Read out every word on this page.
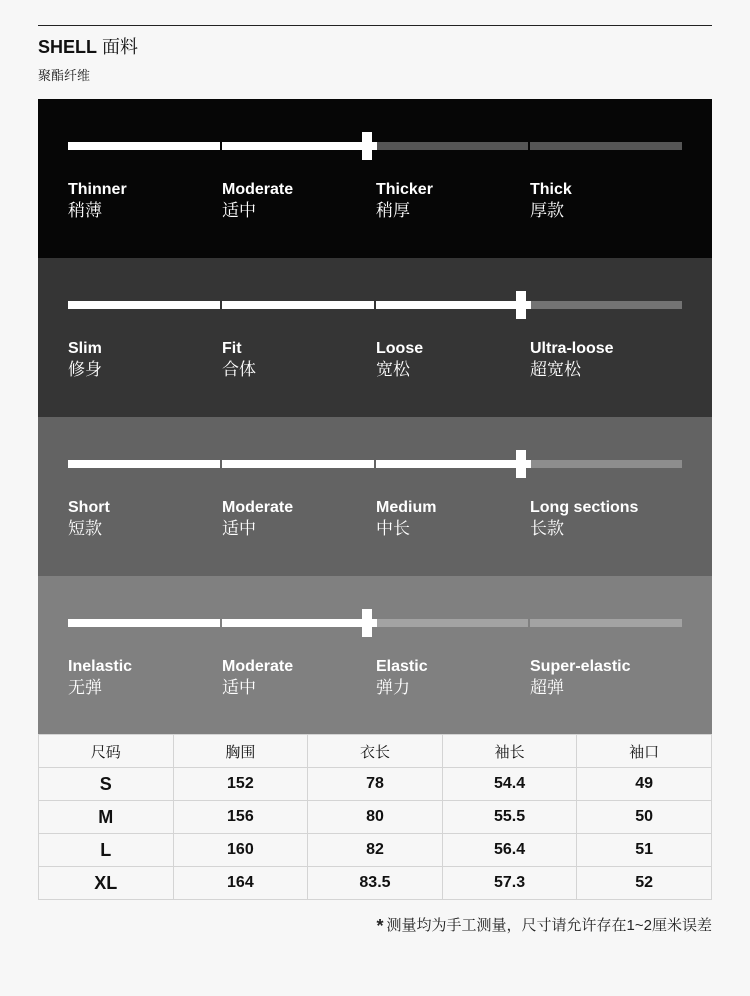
SHELL 面料
聚酯纤维
Thinner
稍薄
Moderate
适中
Thicker
稍厚
Thick
厚款
Slim
修身
Fit
合体
Loose
宽松
Ultra-loose
超宽松
Short
短款
Moderate
适中
Medium
中长
Long sections
长款
Inelastic
无弹
Moderate
适中
Elastic
弹力
Super-elastic
超弹
尺码	胸围	衣长	袖长	袖口
S	152	78	54.4	49
M	156	80	55.5	50
L	160	82	56.4	51
XL	164	83.5	57.3	52
* 测量均为手工测量，尺寸请允许存在1~2厘米误差
